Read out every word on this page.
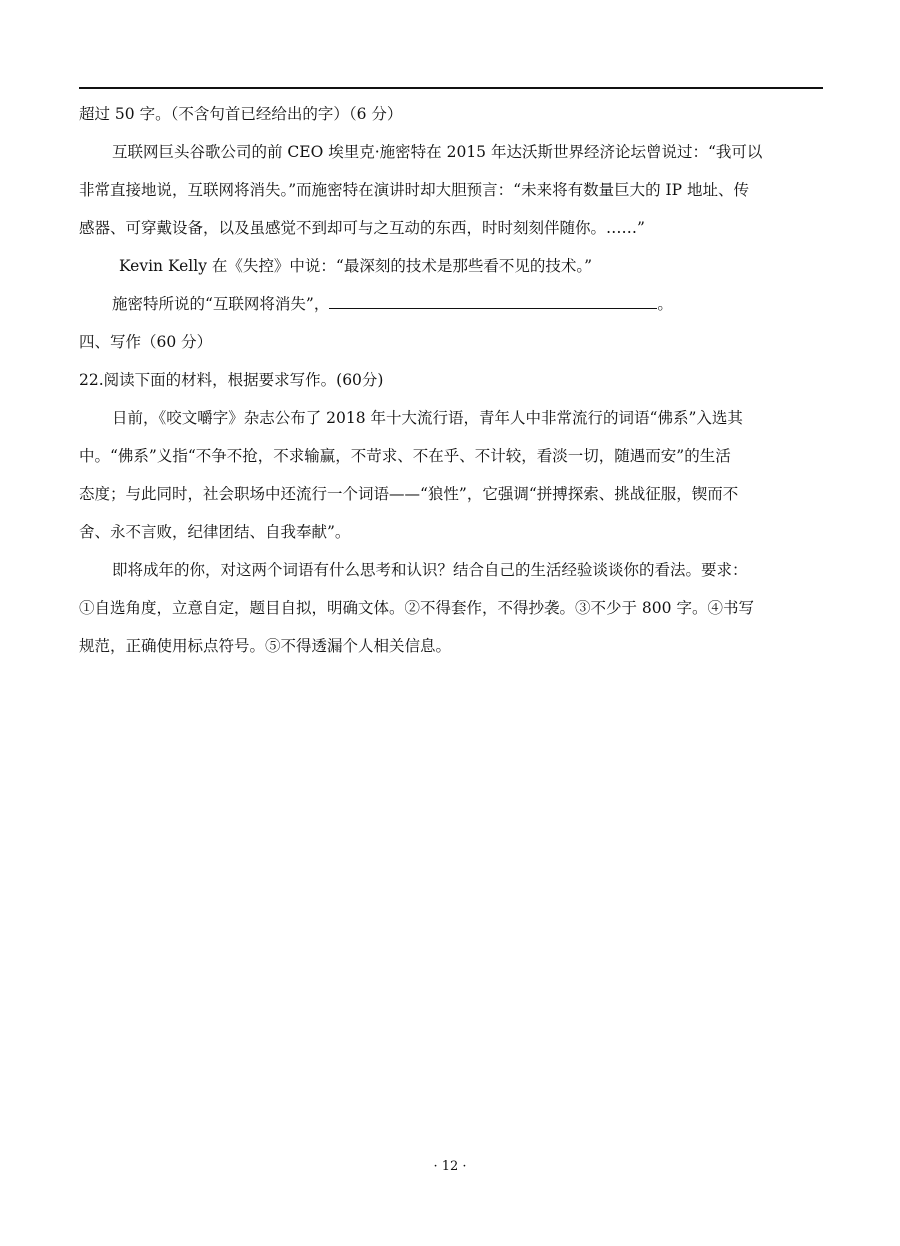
超过 50 字。（不含句首已经给出的字）（6 分）
互联网巨头谷歌公司的前 CEO 埃里克·施密特在 2015 年达沃斯世界经济论坛曾说过：“我可以
非常直接地说，互联网将消失。”而施密特在演讲时却大胆预言：“未来将有数量巨大的 IP 地址、传
感器、可穿戴设备，以及虽感觉不到却可与之互动的东西，时时刻刻伴随你。……”
Kevin Kelly 在《失控》中说：“最深刻的技术是那些看不见的技术。”
施密特所说的“互联网将消失”，	。
四、写作（60 分）
22.阅读下面的材料，根据要求写作。(60分)
日前，《咬文嚼字》杂志公布了 2018 年十大流行语，青年人中非常流行的词语“佛系”入选其
中。“佛系”义指“不争不抢，不求输赢，不苛求、不在乎、不计较，看淡一切，随遇而安”的生活
态度；与此同时，社会职场中还流行一个词语——“狼性”，它强调“拼搏探索、挑战征服，锲而不
舍、永不言败，纪律团结、自我奉献”。
即将成年的你，对这两个词语有什么思考和认识？结合自己的生活经验谈谈你的看法。要求：
①自选角度，立意自定，题目自拟，明确文体。②不得套作，不得抄袭。③不少于 800 字。④书写
规范，正确使用标点符号。⑤不得透漏个人相关信息。
· 12 ·
